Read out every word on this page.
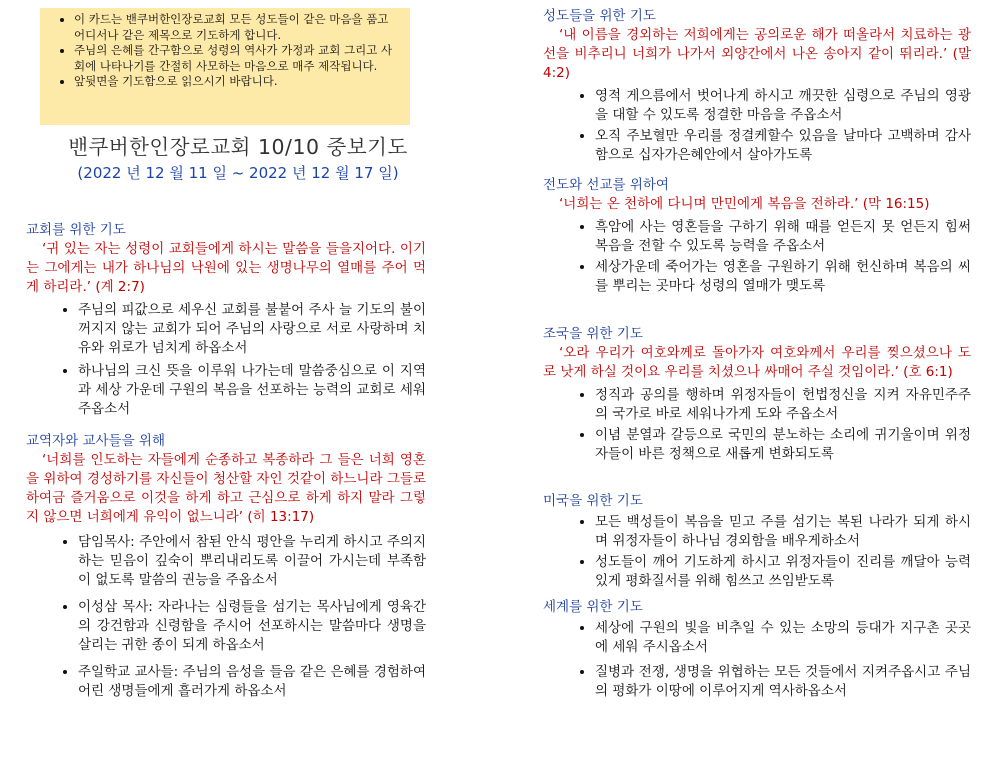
• 이 카드는 밴쿠버한인장로교회 모든 성도들이 같은 마음을 품고 어디서나 같은 제목으로 기도하게 합니다.
• 주님의 은혜를 간구함으로 성령의 역사가 가정과 교회 그리고 사회에 나타나기를 간절히 사모하는 마음으로 매주 제작됩니다.
• 앞뒷면을 기도함으로 읽으시기 바랍니다.
밴쿠버한인장로교회 10/10 중보기도
(2022 년 12 월 11 일 ~ 2022 년 12 월 17 일)
교회를 위한 기도

‘귀 있는 자는 성령이 교회들에게 하시는 말씀을 들을지어다. 이기는 그에게는 내가 하나님의 낙원에 있는 생명나무의 열매를 주어 먹게 하리라.’ (계 2:7)

• 주님의 피값으로 세우신 교회를 불붙어 주사 늘 기도의 불이 꺼지지 않는 교회가 되어 주님의 사랑으로 서로 사랑하며 치유와 위로가 넘치게 하옵소서
• 하나님의 크신 뜻을 이루워 나가는데 말씀중심으로 이 지역과 세상 가운데 구원의 복음을 선포하는 능력의 교회로 세워 주옵소서
교역자와 교사들을 위해

‘너희를 인도하는 자들에게 순종하고 복종하라 그 들은 너희 영혼을 위하여 경성하기를 자신들이 청산할 자인 것같이 하느니라 그들로 하여금 즐거움으로 이것을 하게 하고 근심으로 하게 하지 말라 그렇지 않으면 너희에게 유익이 없느니라’ (히 13:17)

• 담임목사: 주안에서 참된 안식 평안을 누리게 하시고 주의지하는 믿음이 깊숙이 뿌리내리도록 이끌어 가시는데 부족함이 없도록 말씀의 권능을 주옵소서
• 이성삼 목사: 자라나는 심령들을 섬기는 목사님에게 영육간의 강건함과 신령함을 주시어 선포하시는 말씀마다 생명을 살리는 귀한 종이 되게 하옵소서
• 주일학교 교사들: 주님의 음성을 들음 같은 은혜를 경험하여 어린 생명들에게 흘러가게 하옵소서
성도들을 위한 기도

‘내 이름을 경외하는 저희에게는 공의로운 해가 떠올라서 치료하는 광선을 비추리니 너희가 나가서 외양간에서 나온 송아지 같이 뛰리라.’ (말 4:2)

• 영적 게으름에서 벗어나게 하시고 깨끗한 심령으로 주님의 영광을 대할 수 있도록 정결한 마음을 주옵소서
• 오직 주보혈만 우리를 정결케할수 있음을 날마다 고백하며 감사함으로 십자가은혜안에서 살아가도록
전도와 선교를 위하여

‘너희는 온 천하에 다니며 만민에게 복음을 전하라.’ (막 16:15)

• 흑암에 사는 영혼들을 구하기 위해 때를 얻든지 못 얻든지 힘써 복음을 전할 수 있도록 능력을 주옵소서
• 세상가운데 죽어가는 영혼을 구원하기 위해 헌신하며 복음의 씨를 뿌리는 곳마다 성령의 열매가 맺도록
조국을 위한 기도

‘오라 우리가 여호와께로 돌아가자 여호와께서 우리를 찢으셨으나 도로 낫게 하실 것이요 우리를 치셨으나 싸매어 주실 것임이라.’ (호 6:1)

• 정직과 공의를 행하며 위정자들이 헌법정신을 지켜 자유민주주의 국가로 바로 세워나가게 도와 주옵소서
• 이념 분열과 갈등으로 국민의 분노하는 소리에 귀기울이며 위정자들이 바른 정책으로 새롭게 변화되도록
미국을 위한 기도
• 모든 백성들이 복음을 믿고 주를 섬기는 복된 나라가 되게 하시며 위정자들이 하나님 경외함을 배우게하소서
• 성도들이 깨어 기도하게 하시고 위정자들이 진리를 깨달아 능력있게 평화질서를 위해 힘쓰고 쓰임받도록
세계를 위한 기도
• 세상에 구원의 빛을 비추일 수 있는 소망의 등대가 지구촌 곳곳에 세워 주시옵소서
• 질병과 전쟁, 생명을 위협하는 모든 것들에서 지켜주옵시고 주님의 평화가 이땅에 이루어지게 역사하옵소서
